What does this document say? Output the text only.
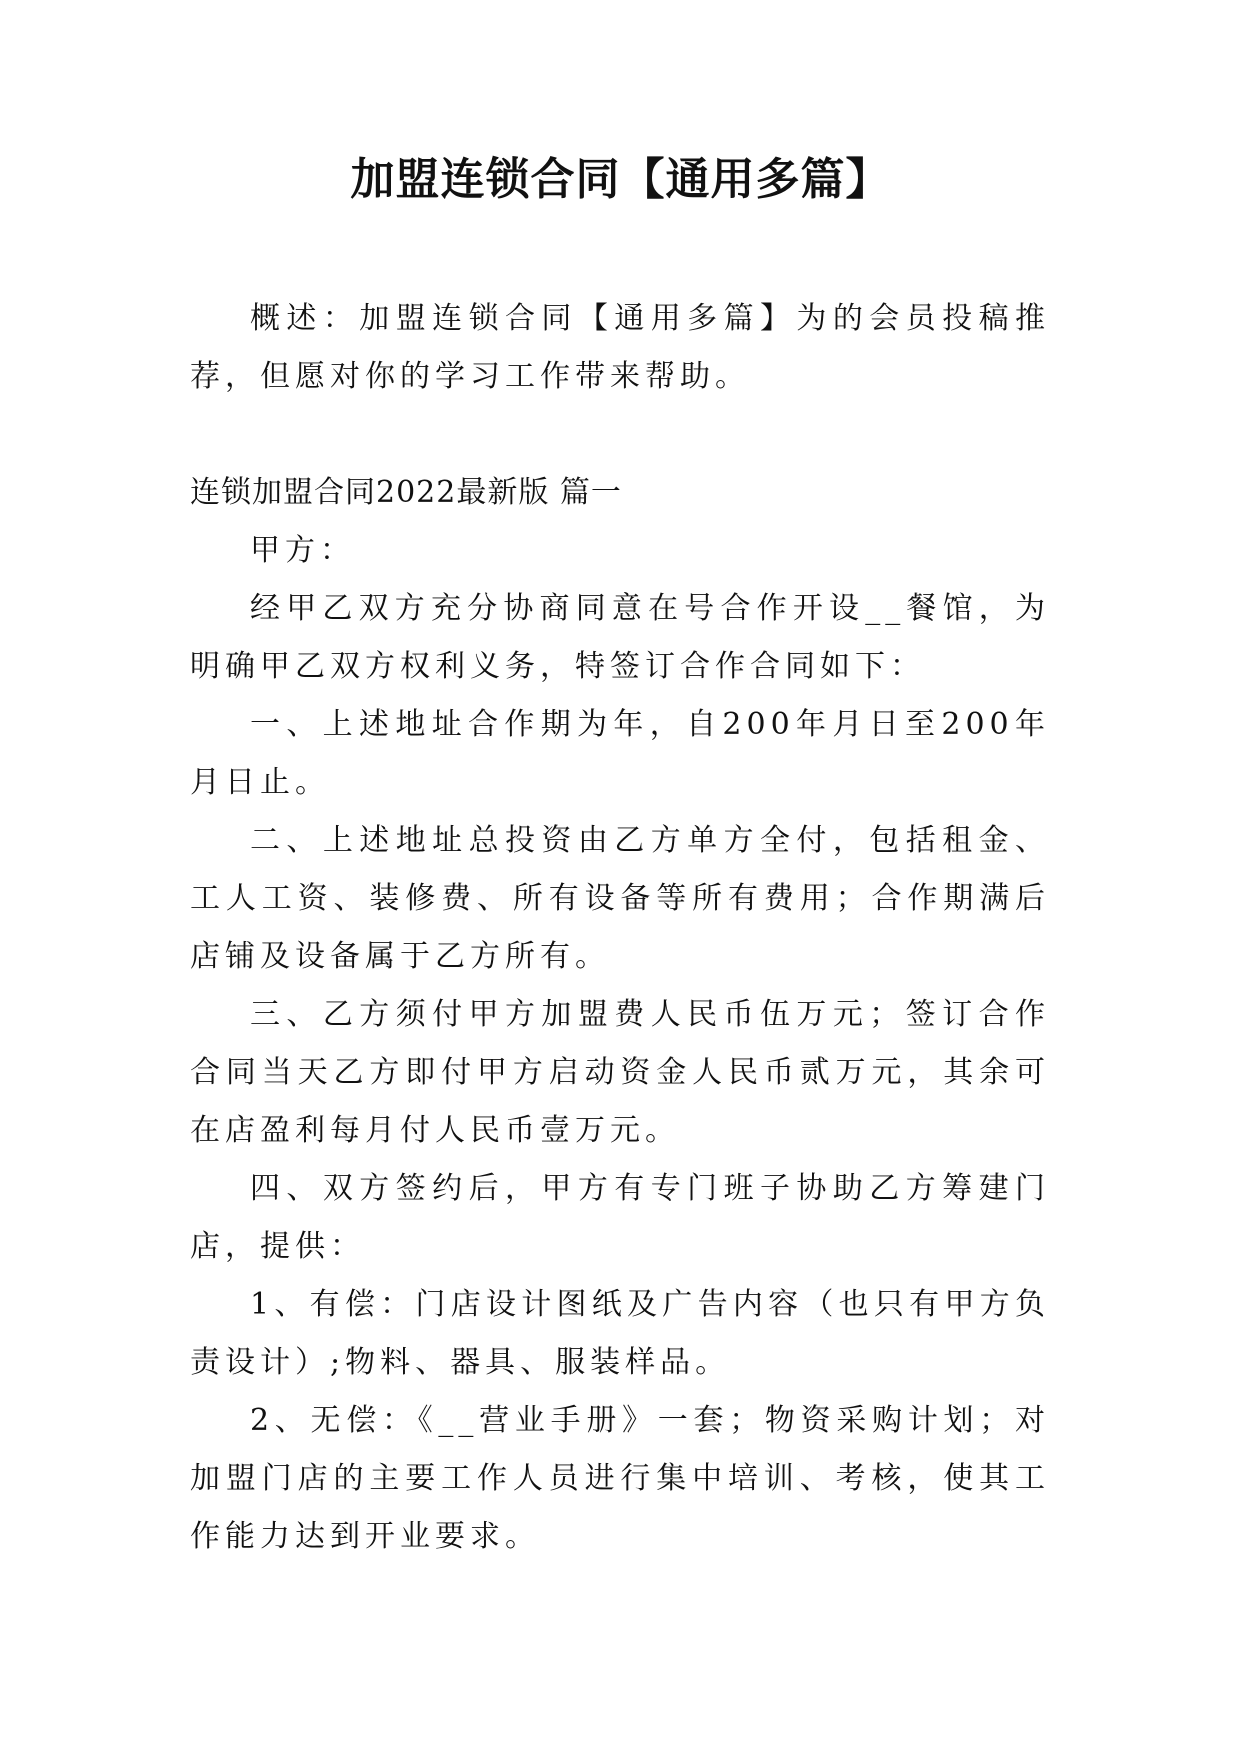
加盟连锁合同【通用多篇】

概述：加盟连锁合同【通用多篇】为的会员投稿推荐，但愿对你的学习工作带来帮助。

连锁加盟合同2022最新版 篇一

甲方：

经甲乙双方充分协商同意在号合作开设__餐馆，为明确甲乙双方权利义务，特签订合作合同如下：

一、上述地址合作期为年，自200年月日至200年月日止。

二、上述地址总投资由乙方单方全付，包括租金、工人工资、装修费、所有设备等所有费用；合作期满后店铺及设备属于乙方所有。

三、乙方须付甲方加盟费人民币伍万元；签订合作合同当天乙方即付甲方启动资金人民币贰万元，其余可在店盈利每月付人民币壹万元。

四、双方签约后，甲方有专门班子协助乙方筹建门店，提供：

1、有偿：门店设计图纸及广告内容（也只有甲方负责设计）;物料、器具、服装样品。

2、无偿：《__营业手册》一套；物资采购计划；对加盟门店的主要工作人员进行集中培训、考核，使其工作能力达到开业要求。
